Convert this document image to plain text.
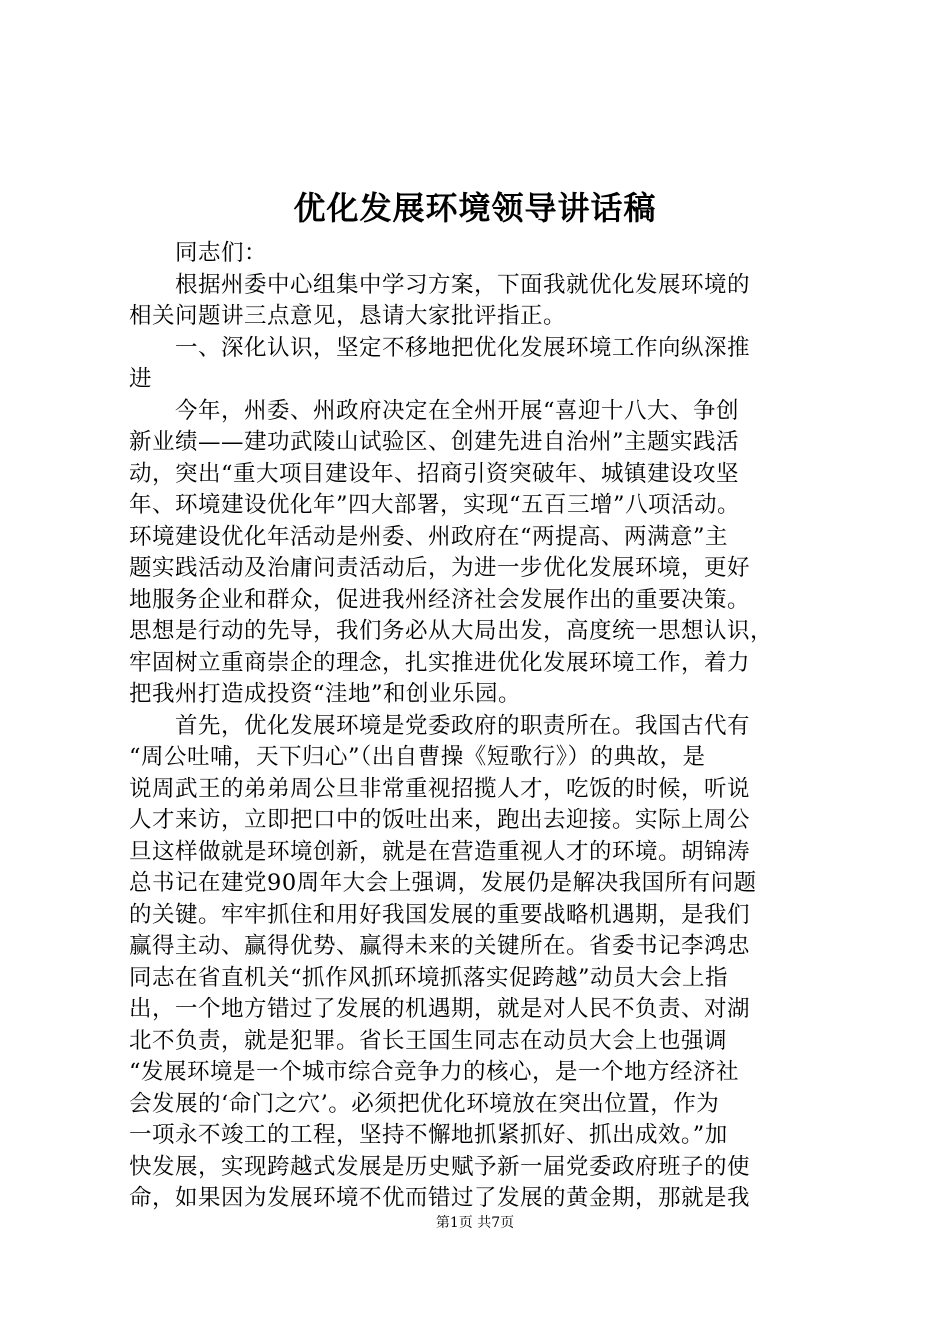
优化发展环境领导讲话稿
　　同志们：
　　根据州委中心组集中学习方案，下面我就优化发展环境的
相关问题讲三点意见，恳请大家批评指正。
　　一、深化认识，坚定不移地把优化发展环境工作向纵深推
进
　　今年，州委、州政府决定在全州开展“喜迎十八大、争创
新业绩——建功武陵山试验区、创建先进自治州”主题实践活
动，突出“重大项目建设年、招商引资突破年、城镇建设攻坚
年、环境建设优化年”四大部署，实现“五百三增”八项活动。
环境建设优化年活动是州委、州政府在“两提高、两满意”主
题实践活动及治庸问责活动后，为进一步优化发展环境，更好
地服务企业和群众，促进我州经济社会发展作出的重要决策。
思想是行动的先导，我们务必从大局出发，高度统一思想认识，
牢固树立重商崇企的理念，扎实推进优化发展环境工作，着力
把我州打造成投资“洼地”和创业乐园。
　　首先，优化发展环境是党委政府的职责所在。我国古代有
“周公吐哺，天下归心”（出自曹操《短歌行》）的典故，是
说周武王的弟弟周公旦非常重视招揽人才，吃饭的时候，听说
人才来访，立即把口中的饭吐出来，跑出去迎接。实际上周公
旦这样做就是环境创新，就是在营造重视人才的环境。胡锦涛
总书记在建党90周年大会上强调，发展仍是解决我国所有问题
的关键。牢牢抓住和用好我国发展的重要战略机遇期，是我们
赢得主动、赢得优势、赢得未来的关键所在。省委书记李鸿忠
同志在省直机关“抓作风抓环境抓落实促跨越”动员大会上指
出，一个地方错过了发展的机遇期，就是对人民不负责、对湖
北不负责，就是犯罪。省长王国生同志在动员大会上也强调
“发展环境是一个城市综合竞争力的核心，是一个地方经济社
会发展的‘命门之穴’。必须把优化环境放在突出位置，作为
一项永不竣工的工程，坚持不懈地抓紧抓好、抓出成效。”加
快发展，实现跨越式发展是历史赋予新一届党委政府班子的使
命，如果因为发展环境不优而错过了发展的黄金期，那就是我
第1页 共7页
